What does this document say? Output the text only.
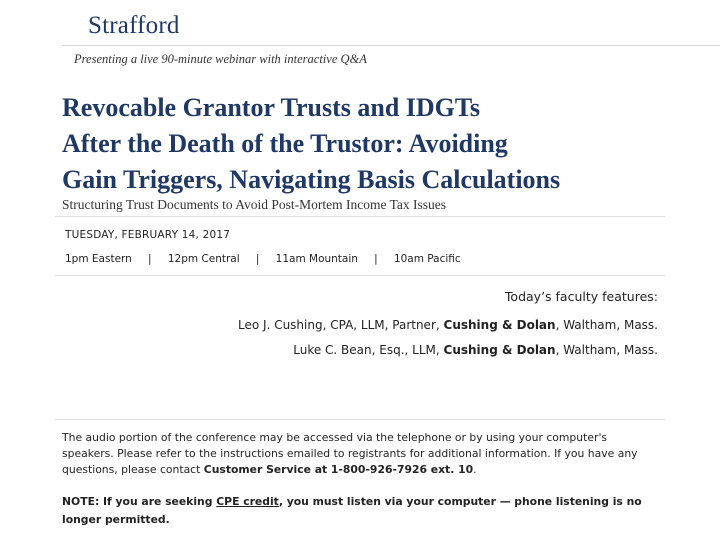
Strafford
Presenting a live 90-minute webinar with interactive Q&A
Revocable Grantor Trusts and IDGTs
After the Death of the Trustor: Avoiding
Gain Triggers, Navigating Basis Calculations
Structuring Trust Documents to Avoid Post-Mortem Income Tax Issues
TUESDAY, FEBRUARY 14, 2017
1pm Eastern | 12pm Central | 11am Mountain | 10am Pacific
Today’s faculty features:
Leo J. Cushing, CPA, LLM, Partner, Cushing & Dolan, Waltham, Mass.
Luke C. Bean, Esq., LLM, Cushing & Dolan, Waltham, Mass.
The audio portion of the conference may be accessed via the telephone or by using your computer's speakers. Please refer to the instructions emailed to registrants for additional information. If you have any questions, please contact Customer Service at 1-800-926-7926 ext. 10.
NOTE: If you are seeking CPE credit, you must listen via your computer — phone listening is no longer permitted.
